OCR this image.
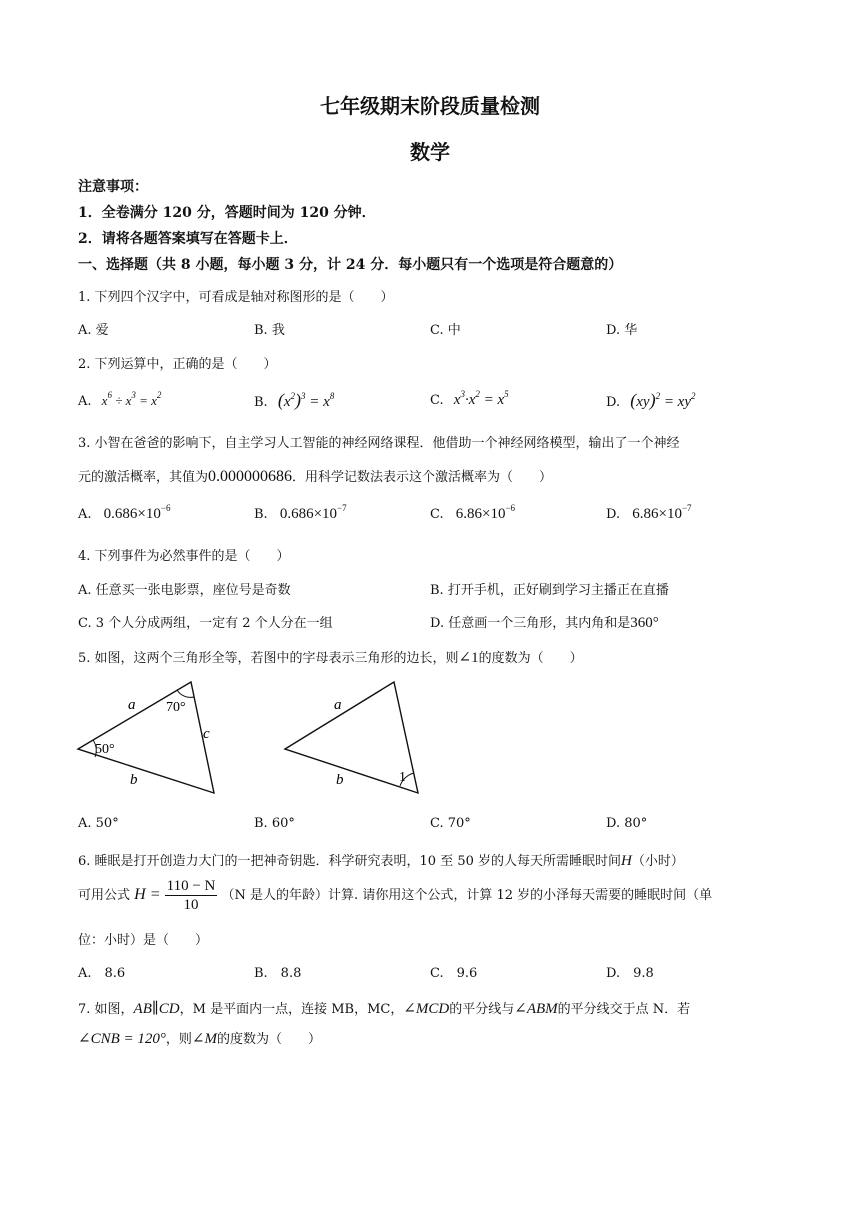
七年级期末阶段质量检测
数学
注意事项：
1．全卷满分 120 分，答题时间为 120 分钟．
2．请将各题答案填写在答题卡上．
一、选择题（共 8 小题，每小题 3 分，计 24 分．每小题只有一个选项是符合题意的）
1. 下列四个汉字中，可看成是轴对称图形的是（　　）
A. 爱	B. 我	C. 中	D. 华
2. 下列运算中，正确的是（　　）
A. $x^6 \div x^3 = x^2$	B. $(x^2)^3 = x^8$	C. $x^3\cdot x^2 = x^5$
D. $(xy)^2 = xy^2$
3. 小智在爸爸的影响下，自主学习人工智能的神经网络课程．他借助一个神经网络模型，输出了一个神经
元的激活概率，其值为0.000000686．用科学记数法表示这个激活概率为（　　）
A. $0.686\times 10^{-6}$	B. $0.686\times 10^{-7}$	C. $6.86\times 10^{-6}$	D. $6.86\times 10^{-7}$
4. 下列事件为必然事件的是（　　）
A. 任意买一张电影票，座位号是奇数	B. 打开手机，正好刷到学习主播正在直播
C. 3 个人分成两组，一定有 2 个人分在一组	D. 任意画一个三角形，其内角和是360°
5. 如图，这两个三角形全等，若图中的字母表示三角形的边长，则∠1的度数为（　　）
a
c
b
70°
50°
a
b	1
A. 50°	B. 60°	C. 70°	D. 80°
6. 睡眠是打开创造力大门的一把神奇钥匙．科学研究表明，10 至 50 岁的人每天所需睡眠时间H（小时）
可用公式 $H = \frac{110 - N}{10} (N$ 是人的年龄）计算. 请你用这个公式，计算 12 岁的小泽每天需要的睡眠时间（单
位：小时）是（　　）
A.　8.6	B.　8.8	C.　9.6	D.　9.8
7. 如图，AB∥CD，M 是平面内一点，连接 MB，MC，∠MCD的平分线与∠ABM的平分线交于点 N．若
∠CNB = 120°，则∠M的度数为（　　）
